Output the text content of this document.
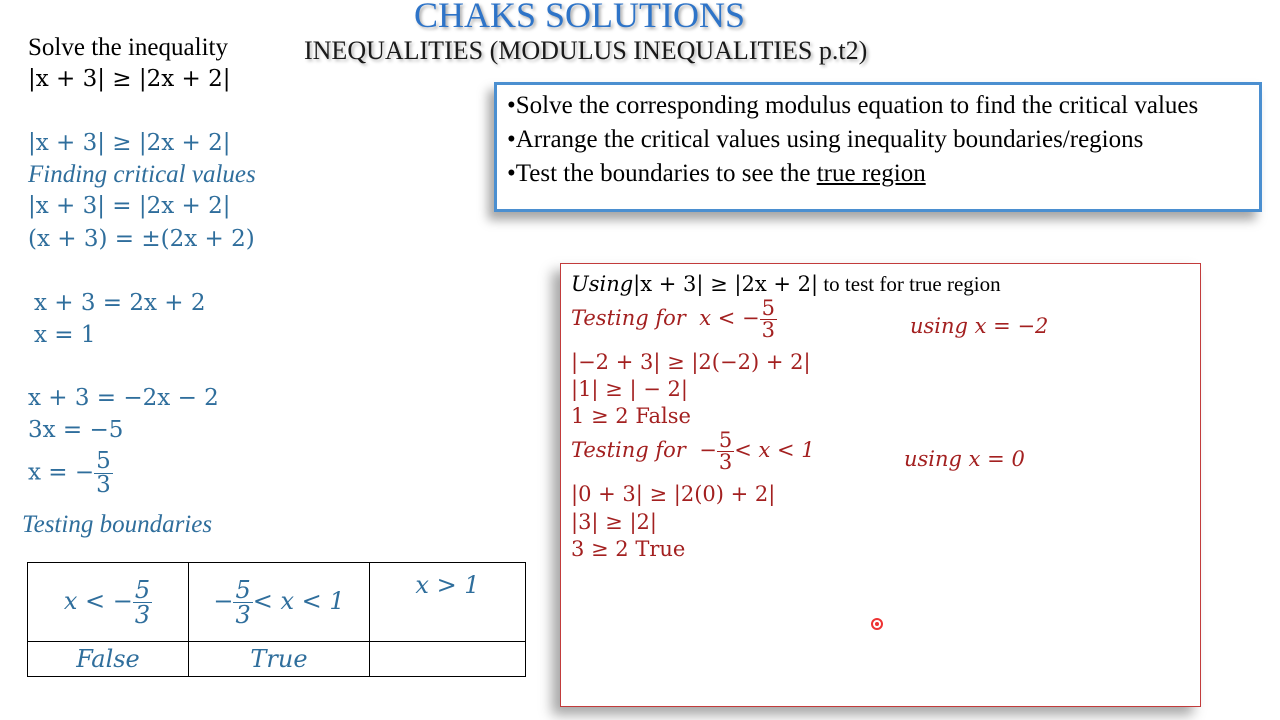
CHAKS SOLUTIONS
INEQUALITIES (MODULUS INEQUALITIES p.t2)
Solve the inequality
|x + 3| ≥ |2x + 2|
|x + 3| ≥ |2x + 2|
Finding critical values
|x + 3| = |2x + 2|
(x + 3) = ±(2x + 2)
x + 3 = 2x + 2
x = 1
x + 3 = −2x − 2
3x = −5
x = − $\frac{5}{3}$
Testing boundaries
x < − $\frac{5}{3}$	− $\frac{5}{3} < x < 1$	x > 1
False	True	
•Solve the corresponding modulus equation to find the critical values
•Arrange the critical values using inequality boundaries/regions
•Test the boundaries to see the true region
Using|x + 3| ≥ |2x + 2| to test for true region
Testing for x < − $\frac{5}{3}$	using x = −2
|−2 + 3| ≥ |2(−2) + 2|
|1| ≥ | − 2|
1 ≥ 2 False
Testing for − $\frac{5}{3} < x < 1$	using x = 0
|0 + 3| ≥ |2(0) + 2|
|3| ≥ |2|
3 ≥ 2 True
